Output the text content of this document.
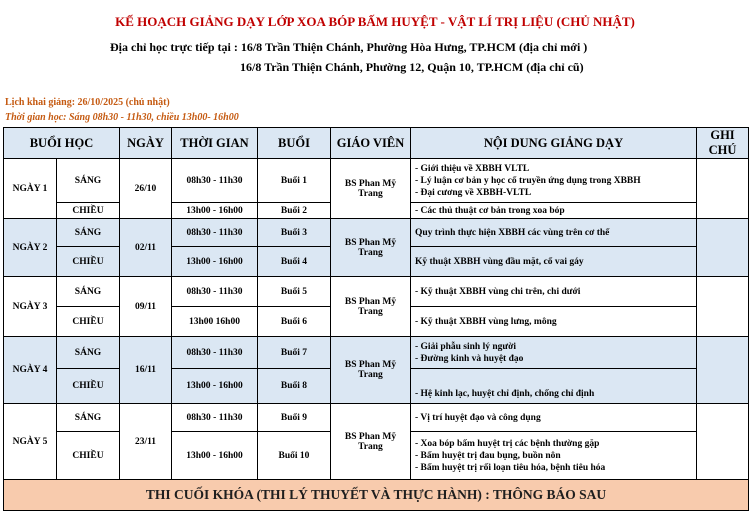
KẾ HOẠCH GIẢNG DẠY LỚP XOA BÓP BẤM HUYỆT - VẬT LÍ TRỊ LIỆU (CHỦ NHẬT)
Địa chỉ học trực tiếp tại : 16/8 Trần Thiện Chánh, Phường Hòa Hưng, TP.HCM (địa chỉ mới )
16/8 Trần Thiện Chánh, Phường 12, Quận 10, TP.HCM (địa chỉ cũ)
Lịch khai giảng: 26/10/2025 (chủ nhật)
Thời gian học: Sáng 08h30 - 11h30, chiều 13h00- 16h00
BUỔI HỌC		NGÀY	THỜI GIAN	BUỔI	GIÁO VIÊN	NỘI DUNG GIẢNG DẠY	GHI CHÚ
NGÀY 1	SÁNG	26/10	08h30 - 11h30	Buổi 1	BS Phan Mỹ Trang	- Giới thiệu về XBBH VLTL
- Lý luận cơ bản y học cổ truyền ứng dụng trong XBBH
- Đại cương về XBBH-VLTL	

	CHIỀU		13h00 - 16h00	Buổi 2		- Các thủ thuật cơ bản trong xoa bóp	

NGÀY 2	SÁNG	02/11	08h30 - 11h30	Buổi 3	BS Phan Mỹ Trang	Quy trình thực hiện XBBH các vùng trên cơ thể	

	CHIỀU		13h00 - 16h00	Buổi 4		Kỹ thuật XBBH vùng đầu mặt, cổ vai gáy	

NGÀY 3	SÁNG	09/11	08h30 - 11h30	Buổi 5	BS Phan Mỹ Trang	- Kỹ thuật XBBH vùng chi trên, chi dưới	

	CHIỀU		13h00 16h00	Buổi 6		- Kỹ thuật XBBH vùng lưng, mông	

NGÀY 4	SÁNG	16/11	08h30 - 11h30	Buổi 7	BS Phan Mỹ Trang	- Giải phẫu sinh lý người
- Đường kinh và huyệt đạo	

	CHIỀU		13h00 - 16h00	Buổi 8		- Hệ kinh lạc, huyệt chỉ định, chống chỉ định	

NGÀY 5	SÁNG	23/11	08h30 - 11h30	Buổi 9	BS Phan Mỹ Trang	- Vị trí huyệt đạo và công dụng	

	CHIỀU		13h00 - 16h00	Buổi 10		- Xoa bóp bấm huyệt trị các bệnh thường gặp
- Bấm huyệt trị đau bụng, buồn nôn
- Bấm huyệt trị rối loạn tiêu hóa, bệnh tiêu hóa	

THI CUỐI KHÓA (THI LÝ THUYẾT VÀ THỰC HÀNH) : THÔNG BÁO SAU							
